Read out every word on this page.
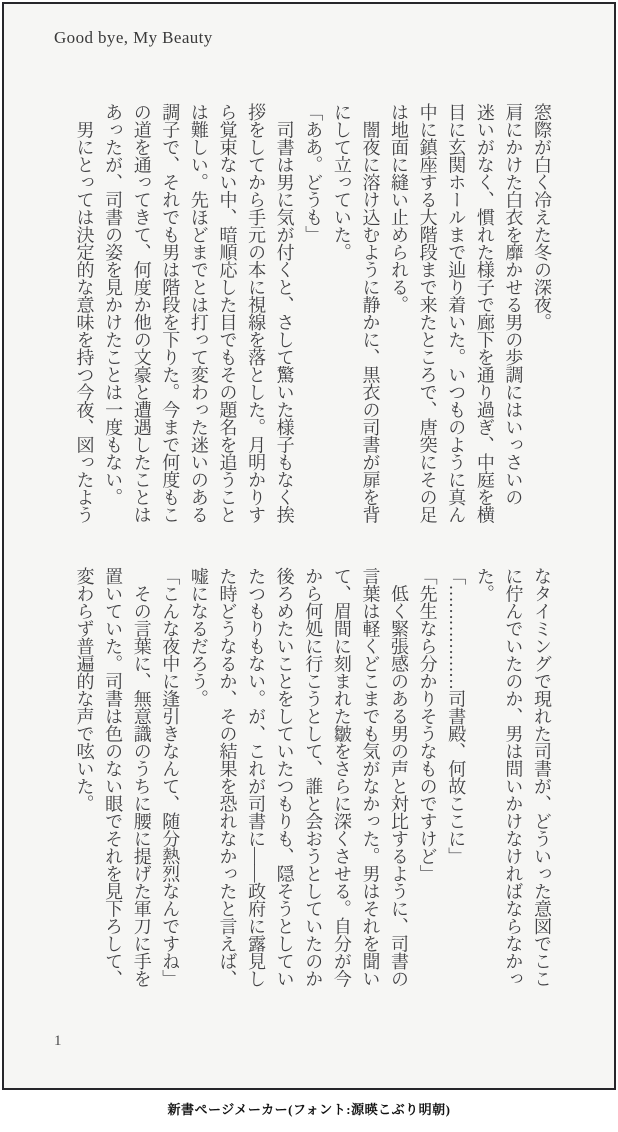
Good bye, My Beauty
窓際が白く冷えた冬の深夜。
肩にかけた白衣を靡かせる男の歩調にはいっさいの
迷いがなく、慣れた様子で廊下を通り過ぎ、中庭を横
目に玄関ホールまで辿り着いた。いつものように真ん
中に鎮座する大階段まで来たところで、唐突にその足
は地面に縫い止められる。
　闇夜に溶け込むように静かに、黒衣の司書が扉を背
にして立っていた。
「ああ。どうも」
　司書は男に気が付くと、さして驚いた様子もなく挨
拶をしてから手元の本に視線を落とした。月明かりす
ら覚束ない中、暗順応した目でもその題名を追うこと
は難しい。先ほどまでとは打って変わった迷いのある
調子で、それでも男は階段を下りた。今まで何度もこ
の道を通ってきて、何度か他の文豪と遭遇したことは
あったが、司書の姿を見かけたことは一度もない。
　男にとっては決定的な意味を持つ今夜、図ったよう
なタイミングで現れた司書が、どういった意図でここ
に佇んでいたのか、男は問いかけなければならなかっ
た。
「………………司書殿、何故ここに」
「先生なら分かりそうなものですけど」
　低く緊張感のある男の声と対比するように、司書の
言葉は軽くどこまでも気がなかった。男はそれを聞い
て、眉間に刻まれた皺をさらに深くさせる。自分が今
から何処に行こうとして、誰と会おうとしていたのか
後ろめたいことをしていたつもりも、隠そうとしてい
たつもりもない。が、これが司書に――政府に露見し
た時どうなるか、その結果を恐れなかったと言えば、
嘘になるだろう。
「こんな夜中に逢引きなんて、随分熱烈なんですね」
　その言葉に、無意識のうちに腰に提げた軍刀に手を
置いていた。司書は色のない眼でそれを見下ろして、
変わらず普遍的な声で呟いた。
1
新書ページメーカー(フォント:源暎こぶり明朝)
